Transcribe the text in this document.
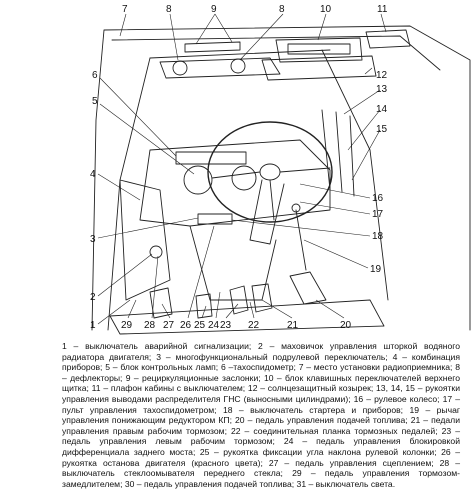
7	8	9	8	10	11
12
13
14
15
16
17
18
19
20
21
22
23
24
25
26
27
28
29
6
5
4
3
2
1

1 – выключатель аварийной сигнализации; 2 – маховичок управления шторкой водяного радиатора двигателя; 3 – многофункциональный подрулевой переключатель; 4 – комбинация приборов; 5 – блок контрольных ламп; 6 –тахоспидометр; 7 – место установки радиоприемника; 8 – дефлекторы; 9 – рециркуляционные заслонки; 10 – блок клавишных переключателей верхнего щитка; 11 – плафон кабины с выключателем; 12 – солнцезащитный козырек; 13, 14, 15 – рукоятки управления выводами распределителя ГНС (выносными цилиндрами); 16 – рулевое колесо; 17 – пульт управления тахоспидометром; 18 – выключатель стартера и приборов; 19 – рычаг управления понижающим редуктором КП; 20 – педаль управления подачей топлива; 21 – педали управления правым рабочим тормозом; 22 – соединительная планка тормозных педалей; 23 – педаль управления левым рабочим тормозом; 24 – педаль управления блокировкой дифференциала заднего моста; 25 – рукоятка фиксации угла наклона рулевой колонки; 26 – рукоятка останова двигателя (красного цвета); 27 – педаль управления сцеплением; 28 – выключатель стеклоомывателя переднего стекла; 29 – педаль управления тормозом-замедлителем; 30 – педаль управления подачей топлива; 31 – выключатель света.
